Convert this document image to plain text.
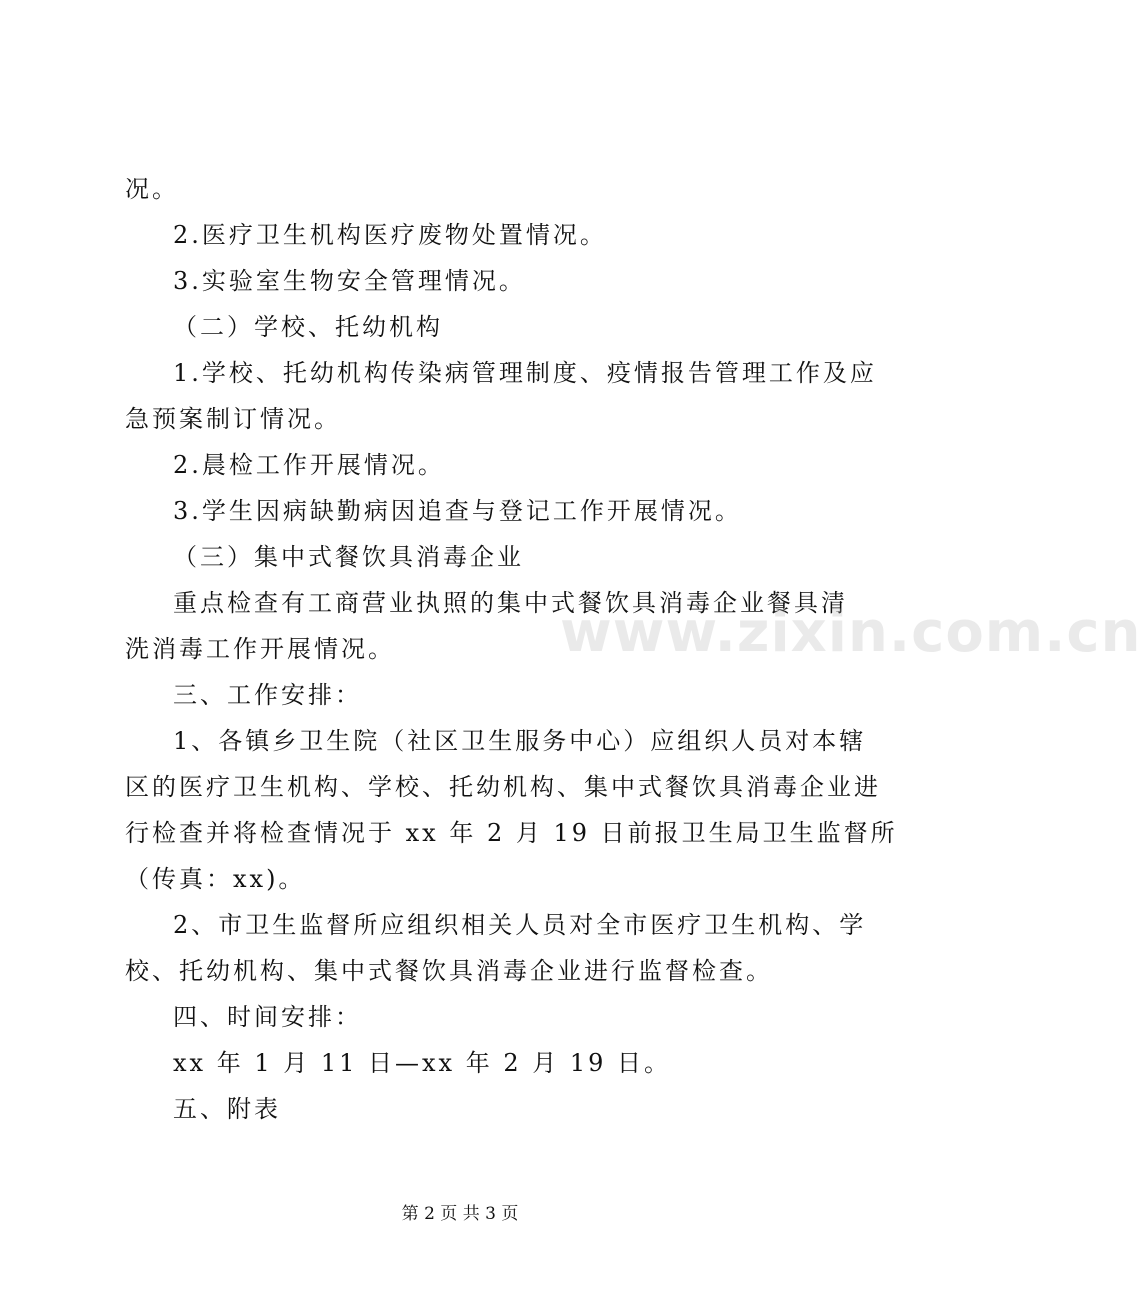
况。
2.医疗卫生机构医疗废物处置情况。
3.实验室生物安全管理情况。
（二）学校、托幼机构
1.学校、托幼机构传染病管理制度、疫情报告管理工作及应
急预案制订情况。
2.晨检工作开展情况。
3.学生因病缺勤病因追查与登记工作开展情况。
（三）集中式餐饮具消毒企业
重点检查有工商营业执照的集中式餐饮具消毒企业餐具清
洗消毒工作开展情况。
三、工作安排：
1、各镇乡卫生院（社区卫生服务中心）应组织人员对本辖
区的医疗卫生机构、学校、托幼机构、集中式餐饮具消毒企业进
行检查并将检查情况于 xx 年 2 月 19 日前报卫生局卫生监督所
（传真：xx)。
2、市卫生监督所应组织相关人员对全市医疗卫生机构、学
校、托幼机构、集中式餐饮具消毒企业进行监督检查。
四、时间安排：
xx 年 1 月 11 日—xx 年 2 月 19 日。
五、附表
www.zixin.com.cn
第 2 页 共 3 页
